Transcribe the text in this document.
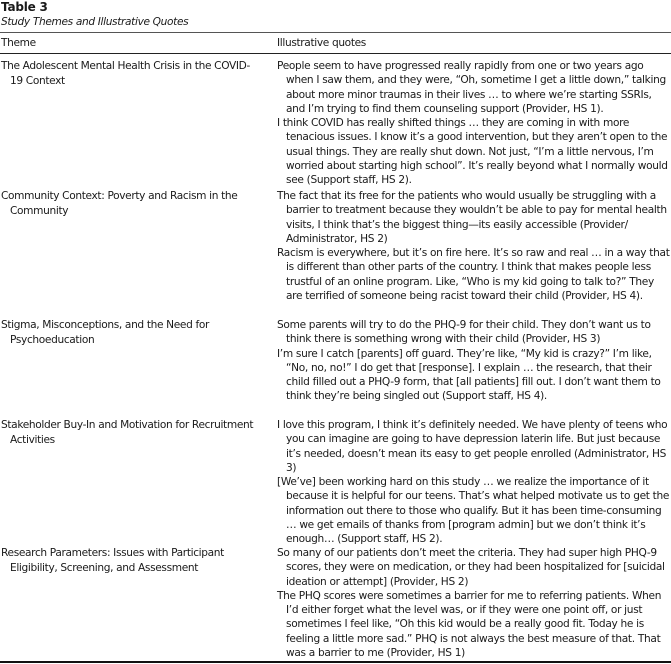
Table 3
Study Themes and Illustrative Quotes
Theme	Illustrative quotes
The Adolescent Mental Health Crisis in the COVID-19 Context

People seem to have progressed really rapidly from one or two years ago when I saw them, and they were, “Oh, sometime I get a little down,” talking about more minor traumas in their lives … to where we’re starting SSRIs, and I’m trying to find them counseling support (Provider, HS 1).

I think COVID has really shifted things … they are coming in with more tenacious issues. I know it’s a good intervention, but they aren’t open to the usual things. They are really shut down. Not just, “I’m a little nervous, I’m worried about starting high school”. It’s really beyond what I normally would see (Support staff, HS 2).

Community Context: Poverty and Racism in the Community

The fact that its free for the patients who would usually be struggling with a barrier to treatment because they wouldn’t be able to pay for mental health visits, I think that’s the biggest thing—its easily accessible (Provider/ Administrator, HS 2)

Racism is everywhere, but it’s on fire here. It’s so raw and real … in a way that is different than other parts of the country. I think that makes people less trustful of an online program. Like, “Who is my kid going to talk to?” They are terrified of someone being racist toward their child (Provider, HS 4).

Stigma, Misconceptions, and the Need for Psychoeducation

Some parents will try to do the PHQ-9 for their child. They don’t want us to think there is something wrong with their child (Provider, HS 3)

I’m sure I catch [parents] off guard. They’re like, “My kid is crazy?” I’m like, “No, no, no!” I do get that [response]. I explain … the research, that their child filled out a PHQ-9 form, that [all patients] fill out. I don’t want them to think they’re being singled out (Support staff, HS 4).

Stakeholder Buy-In and Motivation for Recruitment Activities

I love this program, I think it’s definitely needed. We have plenty of teens who you can imagine are going to have depression laterin life. But just because it’s needed, doesn’t mean its easy to get people enrolled (Administrator, HS 3)

[We’ve] been working hard on this study … we realize the importance of it because it is helpful for our teens. That’s what helped motivate us to get the information out there to those who qualify. But it has been time-consuming … we get emails of thanks from [program admin] but we don’t think it’s enough… (Support staff, HS 2).

Research Parameters: Issues with Participant Eligibility, Screening, and Assessment

So many of our patients don’t meet the criteria. They had super high PHQ-9 scores, they were on medication, or they had been hospitalized for [suicidal ideation or attempt] (Provider, HS 2)

The PHQ scores were sometimes a barrier for me to referring patients. When I’d either forget what the level was, or if they were one point off, or just sometimes I feel like, “Oh this kid would be a really good fit. Today he is feeling a little more sad.” PHQ is not always the best measure of that. That was a barrier to me (Provider, HS 1)
